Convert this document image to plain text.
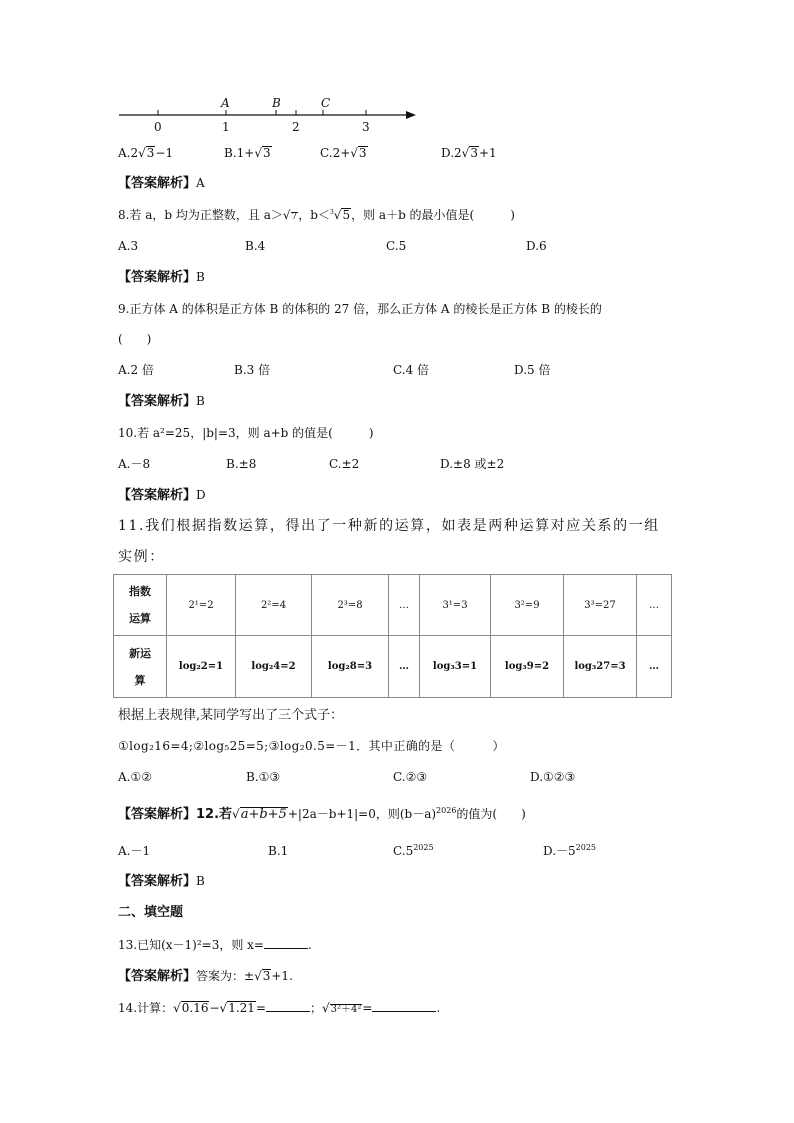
A	B	C
0	1	2	3
A.2√3−1	B.1+√3	C.2+√3	D.2√3+1
【答案解析】A
8.若 a，b 均为正整数，且 a＞√7，b＜$^3$√5，则 a＋b 的最小值是(　　　)
A.3	B.4	C.5	D.6
【答案解析】B
9.正方体 A 的体积是正方体 B 的体积的 27 倍，那么正方体 A 的棱长是正方体 B 的棱长的
(　　)
A.2 倍	B.3 倍	C.4 倍	D.5 倍
【答案解析】B
10.若 a²=25，|b|=3，则 a+b 的值是(　　　)
A.－8	B.±8	C.±2	D.±8 或±2
【答案解析】D
11.我们根据指数运算，得出了一种新的运算，如表是两种运算对应关系的一组
实例：
指数
运算	2¹=2	2²=4	2³=8	…	3¹=3	3²=9	3³=27	…

新运
算	log₂2=1	log₂4=2	log₂8=3	…	log₃3=1	log₃9=2	log₃27=3	…
根据上表规律,某同学写出了三个式子：
①log₂16=4;②log₅25=5;③log₂0.5=－1．其中正确的是（　　　）
A.①②	B.①③	C.②③	D.①②③
【答案解析】12.若√a+b+5+|2a－b+1|=0，则$(b-a)^{2026}$的值为(　　)
A.－1	B.1	$C.5^{2025}$	$D.-5^{2025}$
【答案解析】B
二、填空题
13.已知(x－1)²=3，则 x=	.
【答案解析】答案为：±√3+1.
14.计算：√0.16−√1.21=	；√3²＋4²=	.
